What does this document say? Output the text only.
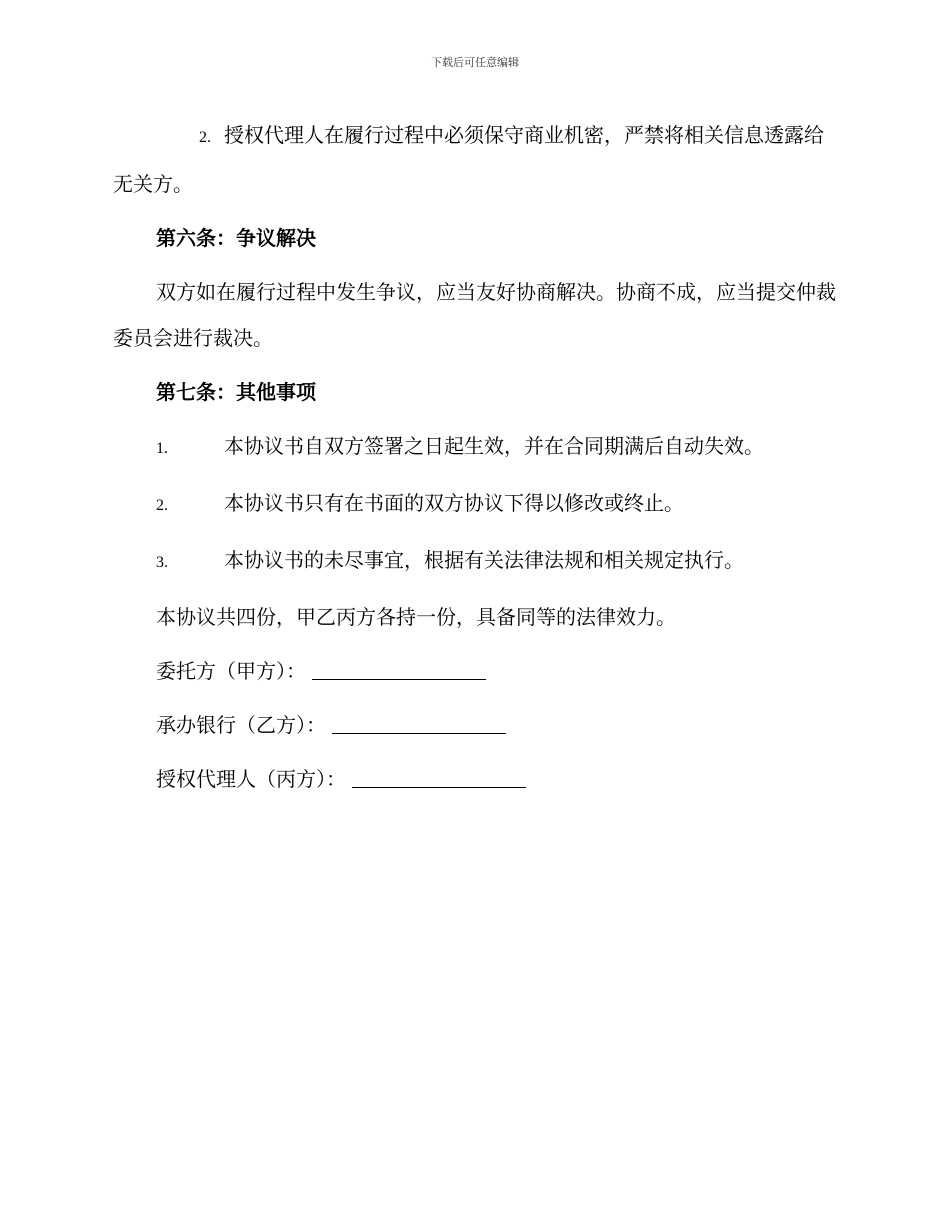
下载后可任意编辑
2. 授权代理人在履行过程中必须保守商业机密，严禁将相关信息透露给无关方。
第六条：争议解决
双方如在履行过程中发生争议，应当友好协商解决。协商不成，应当提交仲裁委员会进行裁决。
第七条：其他事项
1.	本协议书自双方签署之日起生效，并在合同期满后自动失效。
2.	本协议书只有在书面的双方协议下得以修改或终止。
3.	本协议书的未尽事宜，根据有关法律法规和相关规定执行。
本协议共四份，甲乙丙方各持一份，具备同等的法律效力。
委托方（甲方）：
承办银行（乙方）：
授权代理人（丙方）：
